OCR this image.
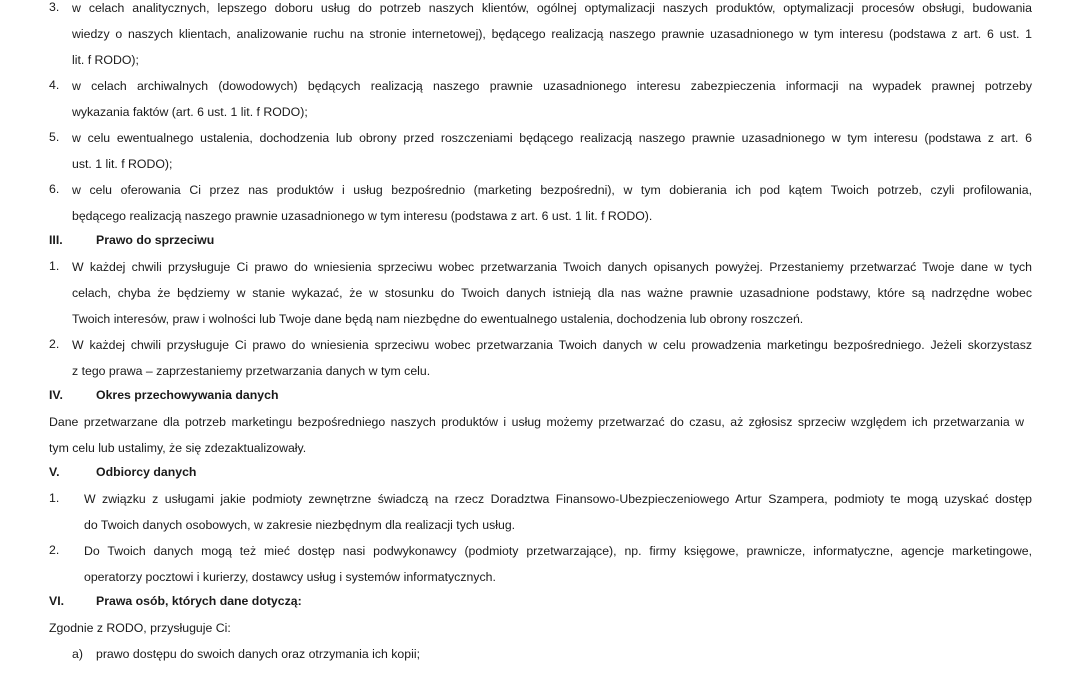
3. w celach analitycznych, lepszego doboru usług do potrzeb naszych klientów, ogólnej optymalizacji naszych produktów, optymalizacji procesów obsługi, budowania
wiedzy o naszych klientach, analizowanie ruchu na stronie internetowej), będącego realizacją naszego prawnie uzasadnionego w tym interesu (podstawa z art. 6 ust. 1
lit. f RODO);
4. w celach archiwalnych (dowodowych) będących realizacją naszego prawnie uzasadnionego interesu zabezpieczenia informacji na wypadek prawnej potrzeby
wykazania faktów (art. 6 ust. 1 lit. f RODO);
5. w celu ewentualnego ustalenia, dochodzenia lub obrony przed roszczeniami będącego realizacją naszego prawnie uzasadnionego w tym interesu (podstawa z art. 6
ust. 1 lit. f RODO);
6. w celu oferowania Ci przez nas produktów i usług bezpośrednio (marketing bezpośredni), w tym dobierania ich pod kątem Twoich potrzeb, czyli profilowania,
będącego realizacją naszego prawnie uzasadnionego w tym interesu (podstawa z art. 6 ust. 1 lit. f RODO).
III.	Prawo do sprzeciwu
1. W każdej chwili przysługuje Ci prawo do wniesienia sprzeciwu wobec przetwarzania Twoich danych opisanych powyżej. Przestaniemy przetwarzać Twoje dane w tych
celach, chyba że będziemy w stanie wykazać, że w stosunku do Twoich danych istnieją dla nas ważne prawnie uzasadnione podstawy, które są nadrzędne wobec
Twoich interesów, praw i wolności lub Twoje dane będą nam niezbędne do ewentualnego ustalenia, dochodzenia lub obrony roszczeń.
2. W każdej chwili przysługuje Ci prawo do wniesienia sprzeciwu wobec przetwarzania Twoich danych w celu prowadzenia marketingu bezpośredniego. Jeżeli skorzystasz
z tego prawa – zaprzestaniemy przetwarzania danych w tym celu.
IV.	Okres przechowywania danych
Dane przetwarzane dla potrzeb marketingu bezpośredniego naszych produktów i usług możemy przetwarzać do czasu, aż zgłosisz sprzeciw względem ich przetwarzania w
tym celu lub ustalimy, że się zdezaktualizowały.
V.	Odbiorcy danych
1. W związku z usługami jakie podmioty zewnętrzne świadczą na rzecz Doradztwa Finansowo-Ubezpieczeniowego Artur Szampera, podmioty te mogą uzyskać dostęp
do Twoich danych osobowych, w zakresie niezbędnym dla realizacji tych usług.
2. Do Twoich danych mogą też mieć dostęp nasi podwykonawcy (podmioty przetwarzające), np. firmy księgowe, prawnicze, informatyczne, agencje marketingowe,
operatorzy pocztowi i kurierzy, dostawcy usług i systemów informatycznych.
VI.	Prawa osób, których dane dotyczą:
Zgodnie z RODO, przysługuje Ci:
a) prawo dostępu do swoich danych oraz otrzymania ich kopii;
